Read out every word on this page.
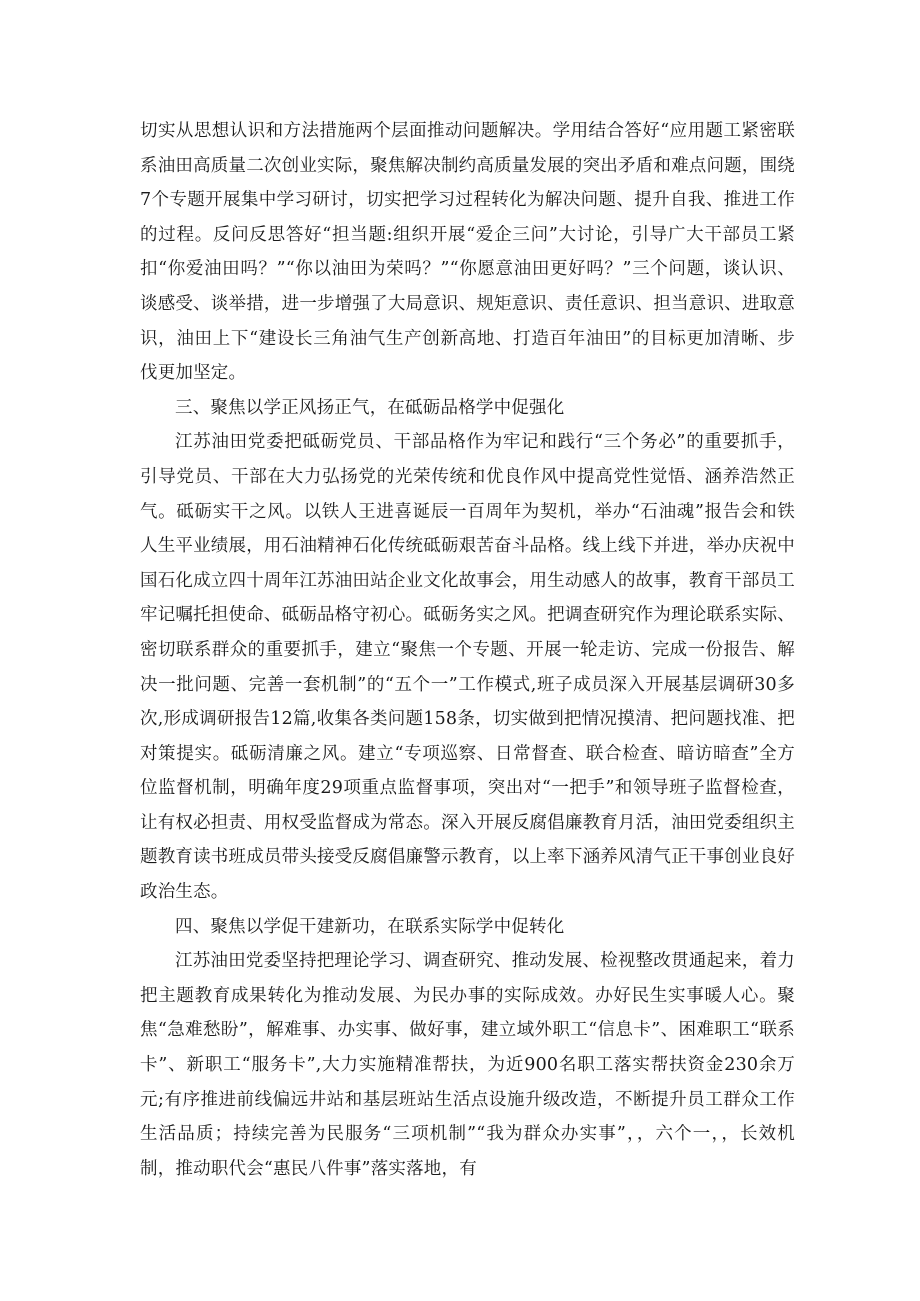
切实从思想认识和方法措施两个层面推动问题解决。学用结合答好“应用题工紧密联系油田高质量二次创业实际，聚焦解决制约高质量发展的突出矛盾和难点问题，围绕7个专题开展集中学习研讨，切实把学习过程转化为解决问题、提升自我、推进工作的过程。反问反思答好“担当题:组织开展“爱企三问”大讨论，引导广大干部员工紧扣“你爱油田吗？”“你以油田为荣吗？”“你愿意油田更好吗？”三个问题，谈认识、谈感受、谈举措，进一步增强了大局意识、规矩意识、责任意识、担当意识、进取意识，油田上下“建设长三角油气生产创新高地、打造百年油田”的目标更加清晰、步伐更加坚定。

三、聚焦以学正风扬正气，在砥砺品格学中促强化

江苏油田党委把砥砺党员、干部品格作为牢记和践行“三个务必”的重要抓手，引导党员、干部在大力弘扬党的光荣传统和优良作风中提高党性觉悟、涵养浩然正气。砥砺实干之风。以铁人王进喜诞辰一百周年为契机，举办“石油魂”报告会和铁人生平业绩展，用石油精神石化传统砥砺艰苦奋斗品格。线上线下并进，举办庆祝中国石化成立四十周年江苏油田站企业文化故事会，用生动感人的故事，教育干部员工牢记嘱托担使命、砥砺品格守初心。砥砺务实之风。把调查研究作为理论联系实际、密切联系群众的重要抓手，建立“聚焦一个专题、开展一轮走访、完成一份报告、解决一批问题、完善一套机制”的“五个一”工作模式,班子成员深入开展基层调研30多次,形成调研报告12篇,收集各类问题158条，切实做到把情况摸清、把问题找准、把对策提实。砥砺清廉之风。建立“专项巡察、日常督查、联合检查、暗访暗查”全方位监督机制，明确年度29项重点监督事项，突出对“一把手”和领导班子监督检查，让有权必担责、用权受监督成为常态。深入开展反腐倡廉教育月活，油田党委组织主题教育读书班成员带头接受反腐倡廉警示教育，以上率下涵养风清气正干事创业良好政治生态。

四、聚焦以学促干建新功，在联系实际学中促转化

江苏油田党委坚持把理论学习、调查研究、推动发展、检视整改贯通起来，着力把主题教育成果转化为推动发展、为民办事的实际成效。办好民生实事暖人心。聚焦“急难愁盼”，解难事、办实事、做好事，建立域外职工“信息卡”、困难职工“联系卡”、新职工“服务卡”,大力实施精准帮扶，为近900名职工落实帮扶资金230余万元;有序推进前线偏远井站和基层班站生活点设施升级改造，不断提升员工群众工作生活品质；持续完善为民服务“三项机制”“我为群众办实事”，，六个一，，长效机制，推动职代会“惠民八件事”落实落地，有
